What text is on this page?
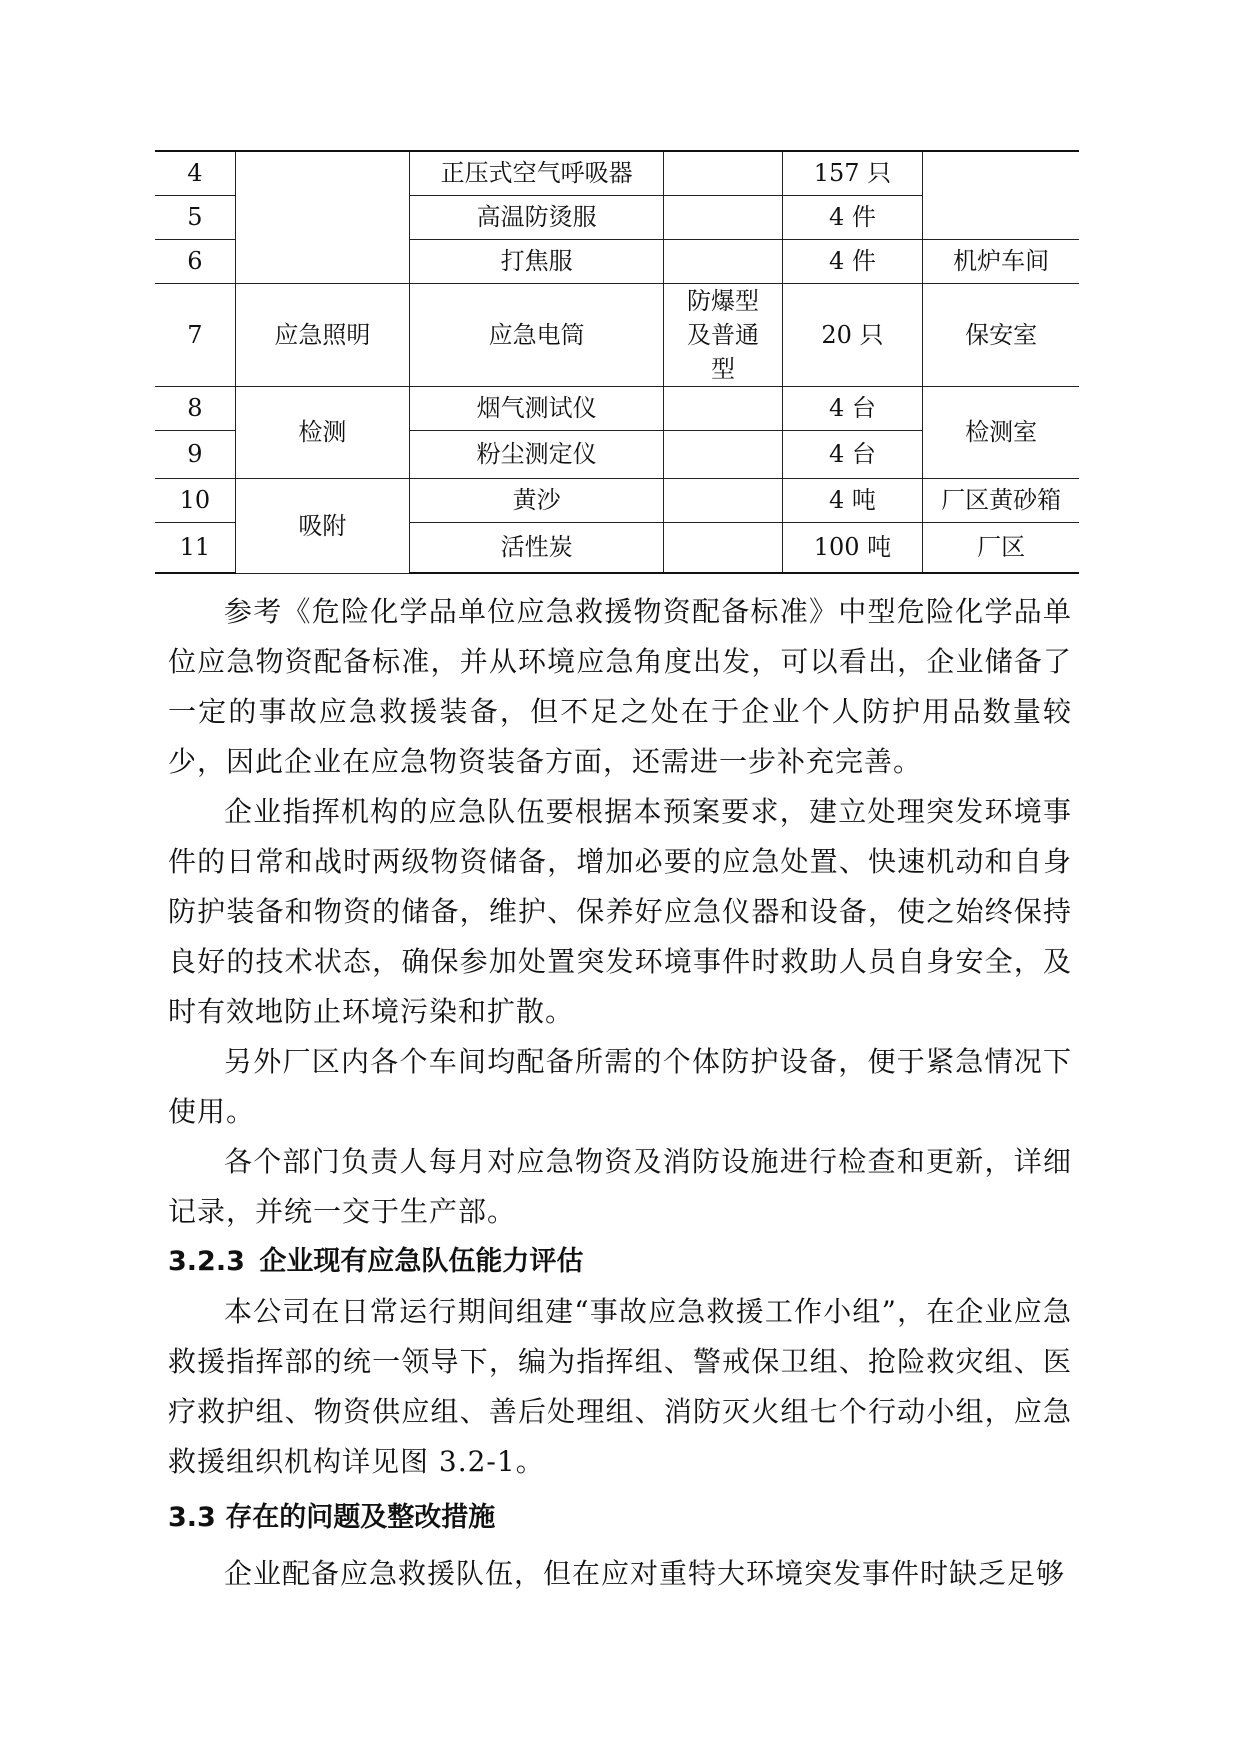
4		正压式空气呼吸器		157 只	
5		高温防烫服		4 件	
6		打焦服		4 件	机炉车间
7	应急照明	应急电筒	防爆型及普通型	20 只	保安室
8	检测	烟气测试仪		4 台	检测室
9		粉尘测定仪		4 台	
10	吸附	黄沙		4 吨	厂区黄砂箱
11		活性炭		100 吨	厂区

参考《危险化学品单位应急救援物资配备标准》中型危险化学品单位应急物资配备标准，并从环境应急角度出发，可以看出，企业储备了一定的事故应急救援装备，但不足之处在于企业个人防护用品数量较少，因此企业在应急物资装备方面，还需进一步补充完善。

企业指挥机构的应急队伍要根据本预案要求，建立处理突发环境事件的日常和战时两级物资储备，增加必要的应急处置、快速机动和自身防护装备和物资的储备，维护、保养好应急仪器和设备，使之始终保持良好的技术状态，确保参加处置突发环境事件时救助人员自身安全，及时有效地防止环境污染和扩散。

另外厂区内各个车间均配备所需的个体防护设备，便于紧急情况下使用。

各个部门负责人每月对应急物资及消防设施进行检查和更新，详细记录，并统一交于生产部。

3.2.3 企业现有应急队伍能力评估

本公司在日常运行期间组建“事故应急救援工作小组”，在企业应急救援指挥部的统一领导下，编为指挥组、警戒保卫组、抢险救灾组、医疗救护组、物资供应组、善后处理组、消防灭火组七个行动小组，应急救援组织机构详见图 3.2-1。

3.3 存在的问题及整改措施

企业配备应急救援队伍，但在应对重特大环境突发事件时缺乏足够
